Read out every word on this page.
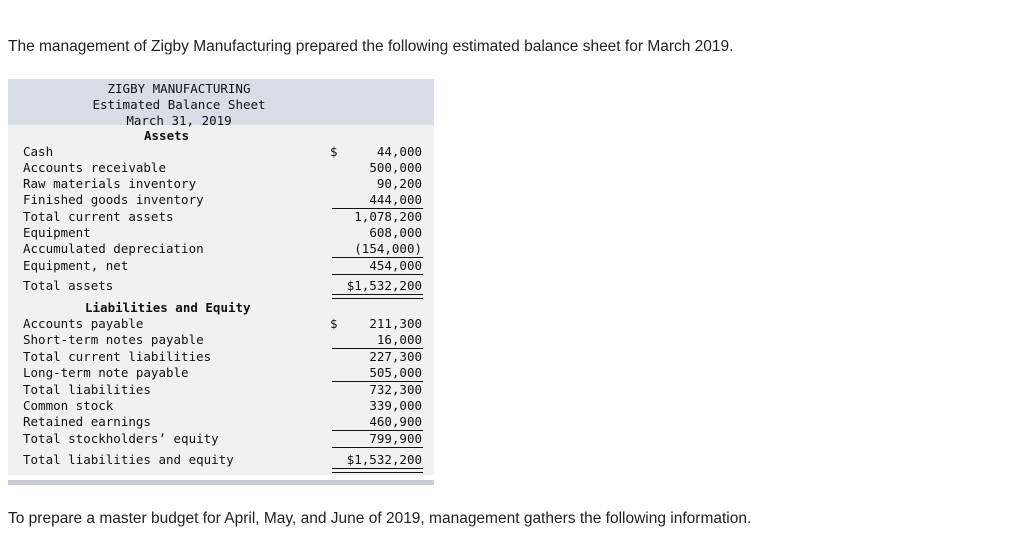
The management of Zigby Manufacturing prepared the following estimated balance sheet for March 2019.
ZIGBY MANUFACTURING
Estimated Balance Sheet
March 31, 2019
Assets
Cash	$	44,000
Accounts receivable	500,000
Raw materials inventory	90,200
Finished goods inventory	444,000
Total current assets	1,078,200
Equipment	608,000
Accumulated depreciation	(154,000)
Equipment, net	454,000
Total assets	$1,532,200
Liabilities and Equity
Accounts payable	$	211,300
Short-term notes payable	16,000
Total current liabilities	227,300
Long-term note payable	505,000
Total liabilities	732,300
Common stock	339,000
Retained earnings	460,900
Total stockholders’ equity	799,900
Total liabilities and equity	$1,532,200
To prepare a master budget for April, May, and June of 2019, management gathers the following information.
